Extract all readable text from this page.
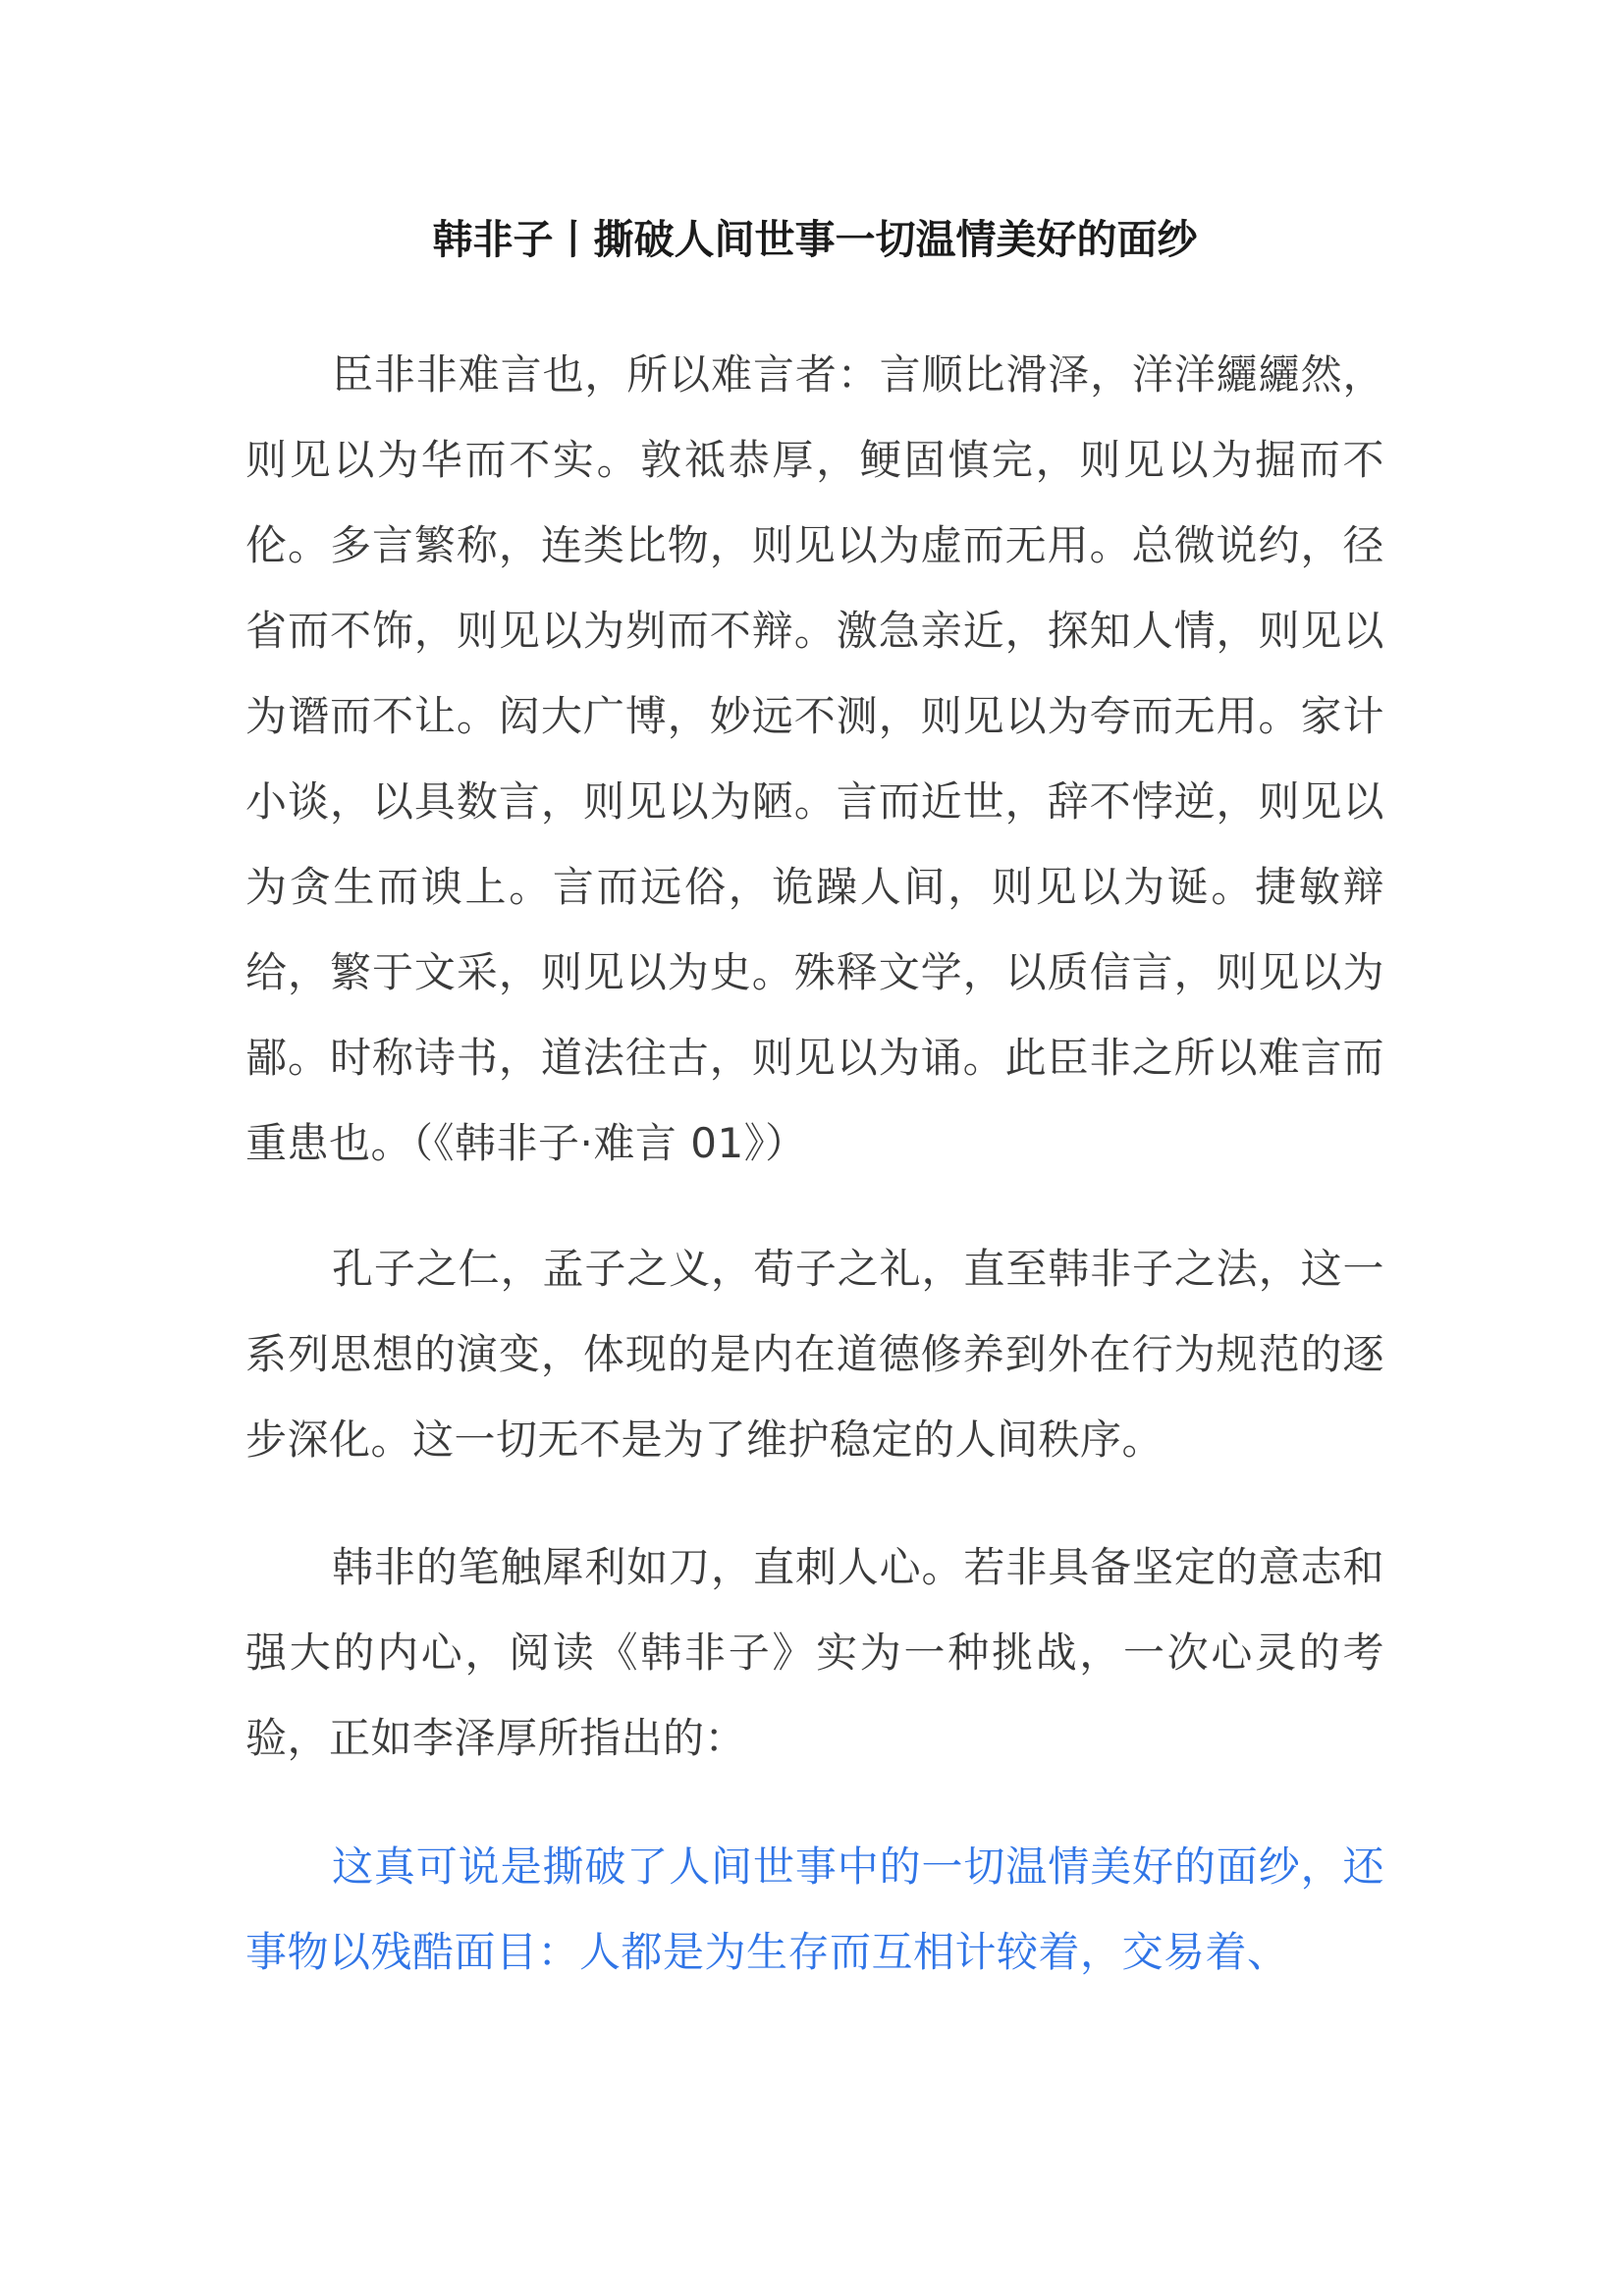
韩非子丨撕破人间世事一切温情美好的面纱

臣非非难言也，所以难言者：言顺比滑泽，洋洋纚纚然，则见以为华而不实。敦祗恭厚，鲠固慎完，则见以为掘而不伦。多言繁称，连类比物，则见以为虚而无用。总微说约，径省而不饰，则见以为刿而不辩。激急亲近，探知人情，则见以为谮而不让。闳大广博，妙远不测，则见以为夸而无用。家计小谈，以具数言，则见以为陋。言而近世，辞不悖逆，则见以为贪生而谀上。言而远俗，诡躁人间，则见以为诞。捷敏辩给，繁于文采，则见以为史。殊释文学，以质信言，则见以为鄙。时称诗书，道法往古，则见以为诵。此臣非之所以难言而重患也。（《韩非子·难言 01》）

孔子之仁，孟子之义，荀子之礼，直至韩非子之法，这一系列思想的演变，体现的是内在道德修养到外在行为规范的逐步深化。这一切无不是为了维护稳定的人间秩序。

韩非的笔触犀利如刀，直刺人心。若非具备坚定的意志和强大的内心，阅读《韩非子》实为一种挑战，一次心灵的考验，正如李泽厚所指出的：

这真可说是撕破了人间世事中的一切温情美好的面纱，还事物以残酷面目：人都是为生存而互相计较着，交易着、
